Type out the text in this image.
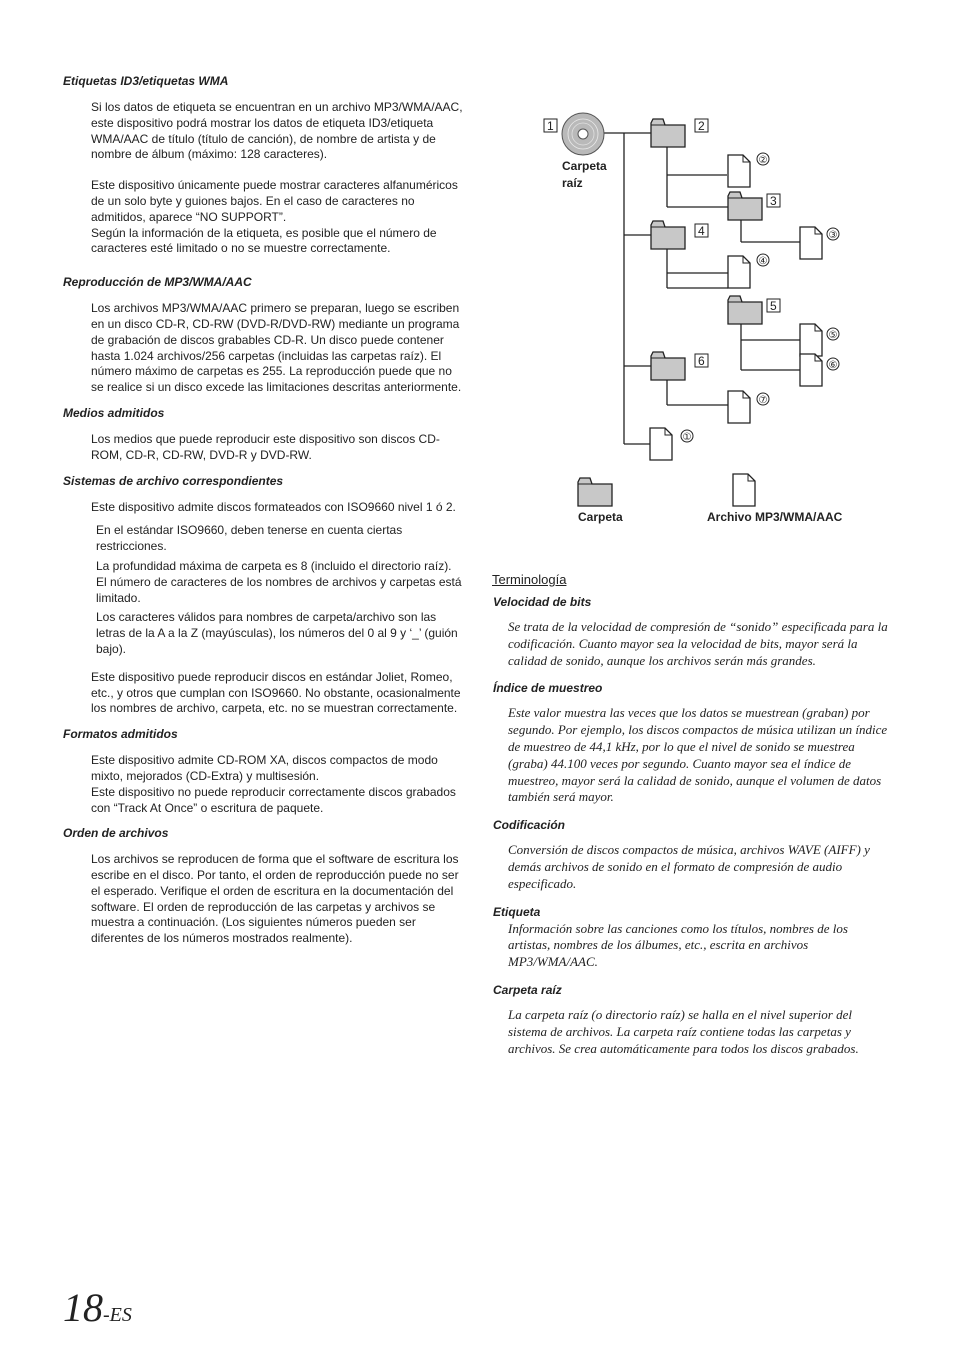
Etiquetas ID3/etiquetas WMA
Si los datos de etiqueta se encuentran en un archivo MP3/WMA/AAC, este dispositivo podrá mostrar los datos de etiqueta ID3/etiqueta WMA/AAC de título (título de canción), de nombre de artista y de nombre de álbum (máximo: 128 caracteres).
Este dispositivo únicamente puede mostrar caracteres alfanuméricos de un solo byte y guiones bajos. En el caso de caracteres no admitidos, aparece “NO SUPPORT”.
Según la información de la etiqueta, es posible que el número de caracteres esté limitado o no se muestre correctamente.
Reproducción de MP3/WMA/AAC
Los archivos MP3/WMA/AAC primero se preparan, luego se escriben en un disco CD-R, CD-RW (DVD-R/DVD-RW) mediante un programa de grabación de discos grabables CD-R. Un disco puede contener hasta 1.024 archivos/256 carpetas (incluidas las carpetas raíz). El número máximo de carpetas es 255. La reproducción puede que no se realice si un disco excede las limitaciones descritas anteriormente.
Medios admitidos
Los medios que puede reproducir este dispositivo son discos CD-ROM, CD-R, CD-RW, DVD-R y DVD-RW.
Sistemas de archivo correspondientes
Este dispositivo admite discos formateados con ISO9660 nivel 1 ó 2.
En el estándar ISO9660, deben tenerse en cuenta ciertas restricciones.
La profundidad máxima de carpeta es 8 (incluido el directorio raíz). El número de caracteres de los nombres de archivos y carpetas está limitado.
Los caracteres válidos para nombres de carpeta/archivo son las letras de la A a la Z (mayúsculas), los números del 0 al 9 y ‘_’ (guión bajo).
Este dispositivo puede reproducir discos en estándar Joliet, Romeo, etc., y otros que cumplan con ISO9660. No obstante, ocasionalmente los nombres de archivo, carpeta, etc. no se muestran correctamente.
Formatos admitidos
Este dispositivo admite CD-ROM XA, discos compactos de modo mixto, mejorados (CD-Extra) y multisesión.
Este dispositivo no puede reproducir correctamente discos grabados con “Track At Once” o escritura de paquete.
Orden de archivos
Los archivos se reproducen de forma que el software de escritura los escribe en el disco. Por tanto, el orden de reproducción puede no ser el esperado. Verifique el orden de escritura en la documentación del software. El orden de reproducción de las carpetas y archivos se muestra a continuación. (Los siguientes números pueden ser diferentes de los números mostrados realmente).
Carpeta
raíz
1	2
3
4
5
6
①
②
③
④
⑤
⑥
⑦
Carpeta	Archivo MP3/WMA/AAC
Terminología
Velocidad de bits
Se trata de la velocidad de compresión de “sonido” especificada para la codificación. Cuanto mayor sea la velocidad de bits, mayor será la calidad de sonido, aunque los archivos serán más grandes.
Índice de muestreo
Este valor muestra las veces que los datos se muestrean (graban) por segundo. Por ejemplo, los discos compactos de música utilizan un índice de muestreo de 44,1 kHz, por lo que el nivel de sonido se muestrea (graba) 44.100 veces por segundo. Cuanto mayor sea el índice de muestreo, mayor será la calidad de sonido, aunque el volumen de datos también será mayor.
Codificación
Conversión de discos compactos de música, archivos WAVE (AIFF) y demás archivos de sonido en el formato de compresión de audio especificado.
Etiqueta
Información sobre las canciones como los títulos, nombres de los artistas, nombres de los álbumes, etc., escrita en archivos MP3/WMA/AAC.
Carpeta raíz
La carpeta raíz (o directorio raíz) se halla en el nivel superior del sistema de archivos. La carpeta raíz contiene todas las carpetas y archivos. Se crea automáticamente para todos los discos grabados.
18-ES
